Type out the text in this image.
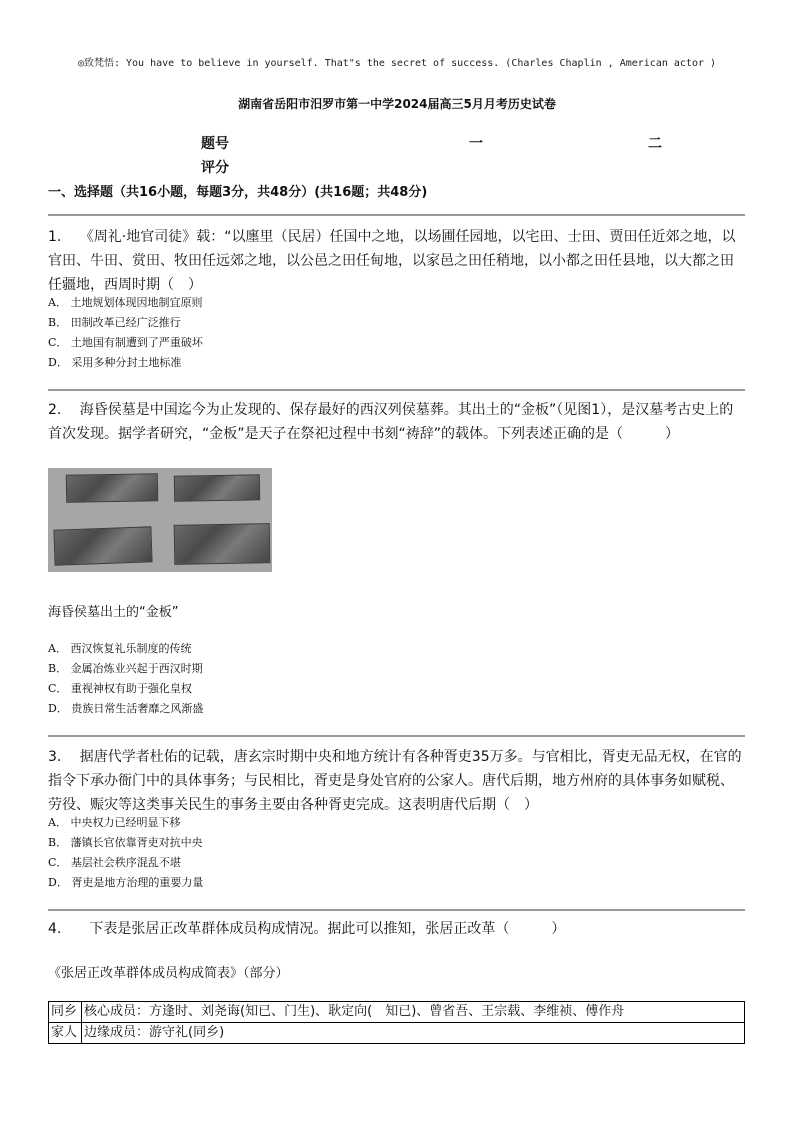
◎致梵悟: You have to believe in yourself. That"s the secret of success. (Charles Chaplin , American actor )
湖南省岳阳市汨罗市第一中学2024届高三5月月考历史试卷
题号	一	二
评分
一、选择题（共16小题，每题3分，共48分）(共16题；共48分)
1.　 《周礼·地官司徒》载：“以廛里（民居）任国中之地，以场圃任园地，以宅田、士田、贾田任近郊之地，以官田、牛田、赏田、牧田任远郊之地，以公邑之田任甸地，以家邑之田任稍地，以小都之田任县地，以大都之田任疆地，西周时期（　）
A． 土地规划体现因地制宜原则
B． 田制改革已经广泛推行
C． 土地国有制遭到了严重破坏
D． 采用多种分封土地标准
2.　 海昏侯墓是中国迄今为止发现的、保存最好的西汉列侯墓葬。其出土的“金板”（见图1），是汉墓考古史上的首次发现。据学者研究，“金板”是天子在祭祀过程中书刻“祷辞”的载体。下列表述正确的是（　　　）
海昏侯墓出土的“金板”
A． 西汉恢复礼乐制度的传统
B． 金属冶炼业兴起于西汉时期
C． 重视神权有助于强化皇权
D． 贵族日常生活奢靡之风渐盛
3.　 据唐代学者杜佑的记载，唐玄宗时期中央和地方统计有各种胥吏35万多。与官相比，胥吏无品无权，在官的指令下承办衙门中的具体事务；与民相比，胥吏是身处官府的公家人。唐代后期，地方州府的具体事务如赋税、劳役、赈灾等这类事关民生的事务主要由各种胥吏完成。这表明唐代后期（　）
A． 中央权力已经明显下移
B． 藩镇长官依靠胥吏对抗中央
C． 基层社会秩序混乱不堪
D． 胥吏是地方治理的重要力量
4.　　下表是张居正改革群体成员构成情况。据此可以推知，张居正改革（　　　）
《张居正改革群体成员构成简表》（部分）
同乡	核心成员：方逢时、刘尧诲(知已、门生)、耿定向(　知已)、曾省吾、王宗载、李维祯、傅作舟
家人	边缘成员：游守礼(同乡)
